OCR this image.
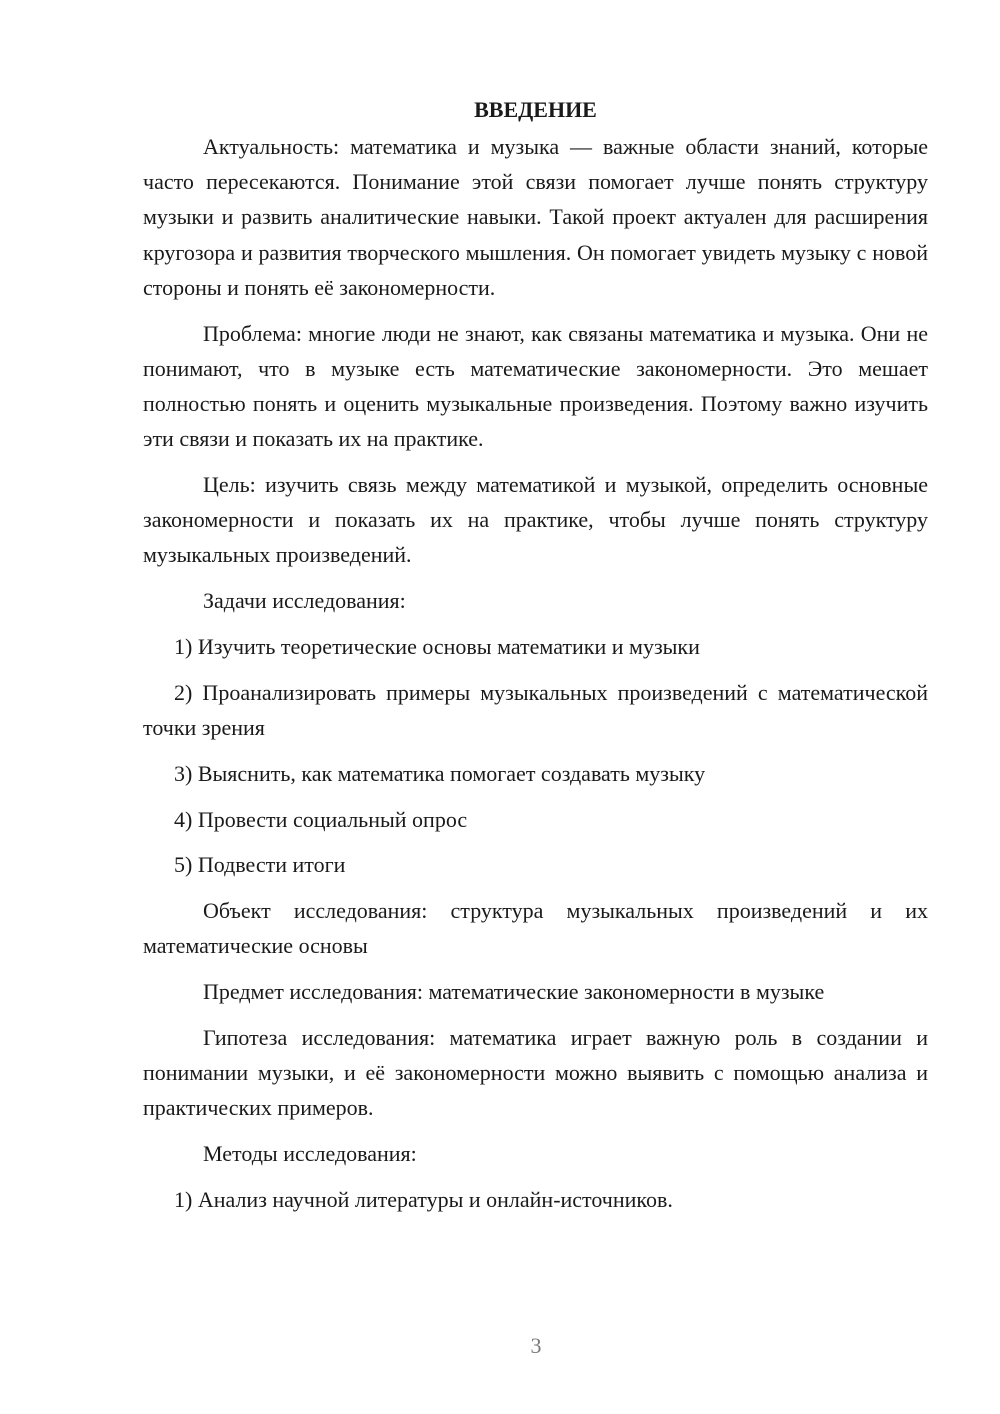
ВВЕДЕНИЕ

Актуальность: математика и музыка — важные области знаний, которые часто пересекаются. Понимание этой связи помогает лучше понять структуру музыки и развить аналитические навыки. Такой проект актуален для расширения кругозора и развития творческого мышления. Он помогает увидеть музыку с новой стороны и понять её закономерности.

Проблема: многие люди не знают, как связаны математика и музыка. Они не понимают, что в музыке есть математические закономерности. Это мешает полностью понять и оценить музыкальные произведения. Поэтому важно изучить эти связи и показать их на практике.

Цель: изучить связь между математикой и музыкой, определить основные закономерности и показать их на практике, чтобы лучше понять структуру музыкальных произведений.

Задачи исследования:

1) Изучить теоретические основы математики и музыки

2) Проанализировать примеры музыкальных произведений с математической точки зрения

3) Выяснить, как математика помогает создавать музыку

4) Провести социальный опрос

5) Подвести итоги

Объект исследования: структура музыкальных произведений и их математические основы

Предмет исследования: математические закономерности в музыке

Гипотеза исследования: математика играет важную роль в создании и понимании музыки, и её закономерности можно выявить с помощью анализа и практических примеров.

Методы исследования:

1) Анализ научной литературы и онлайн-источников.

3
